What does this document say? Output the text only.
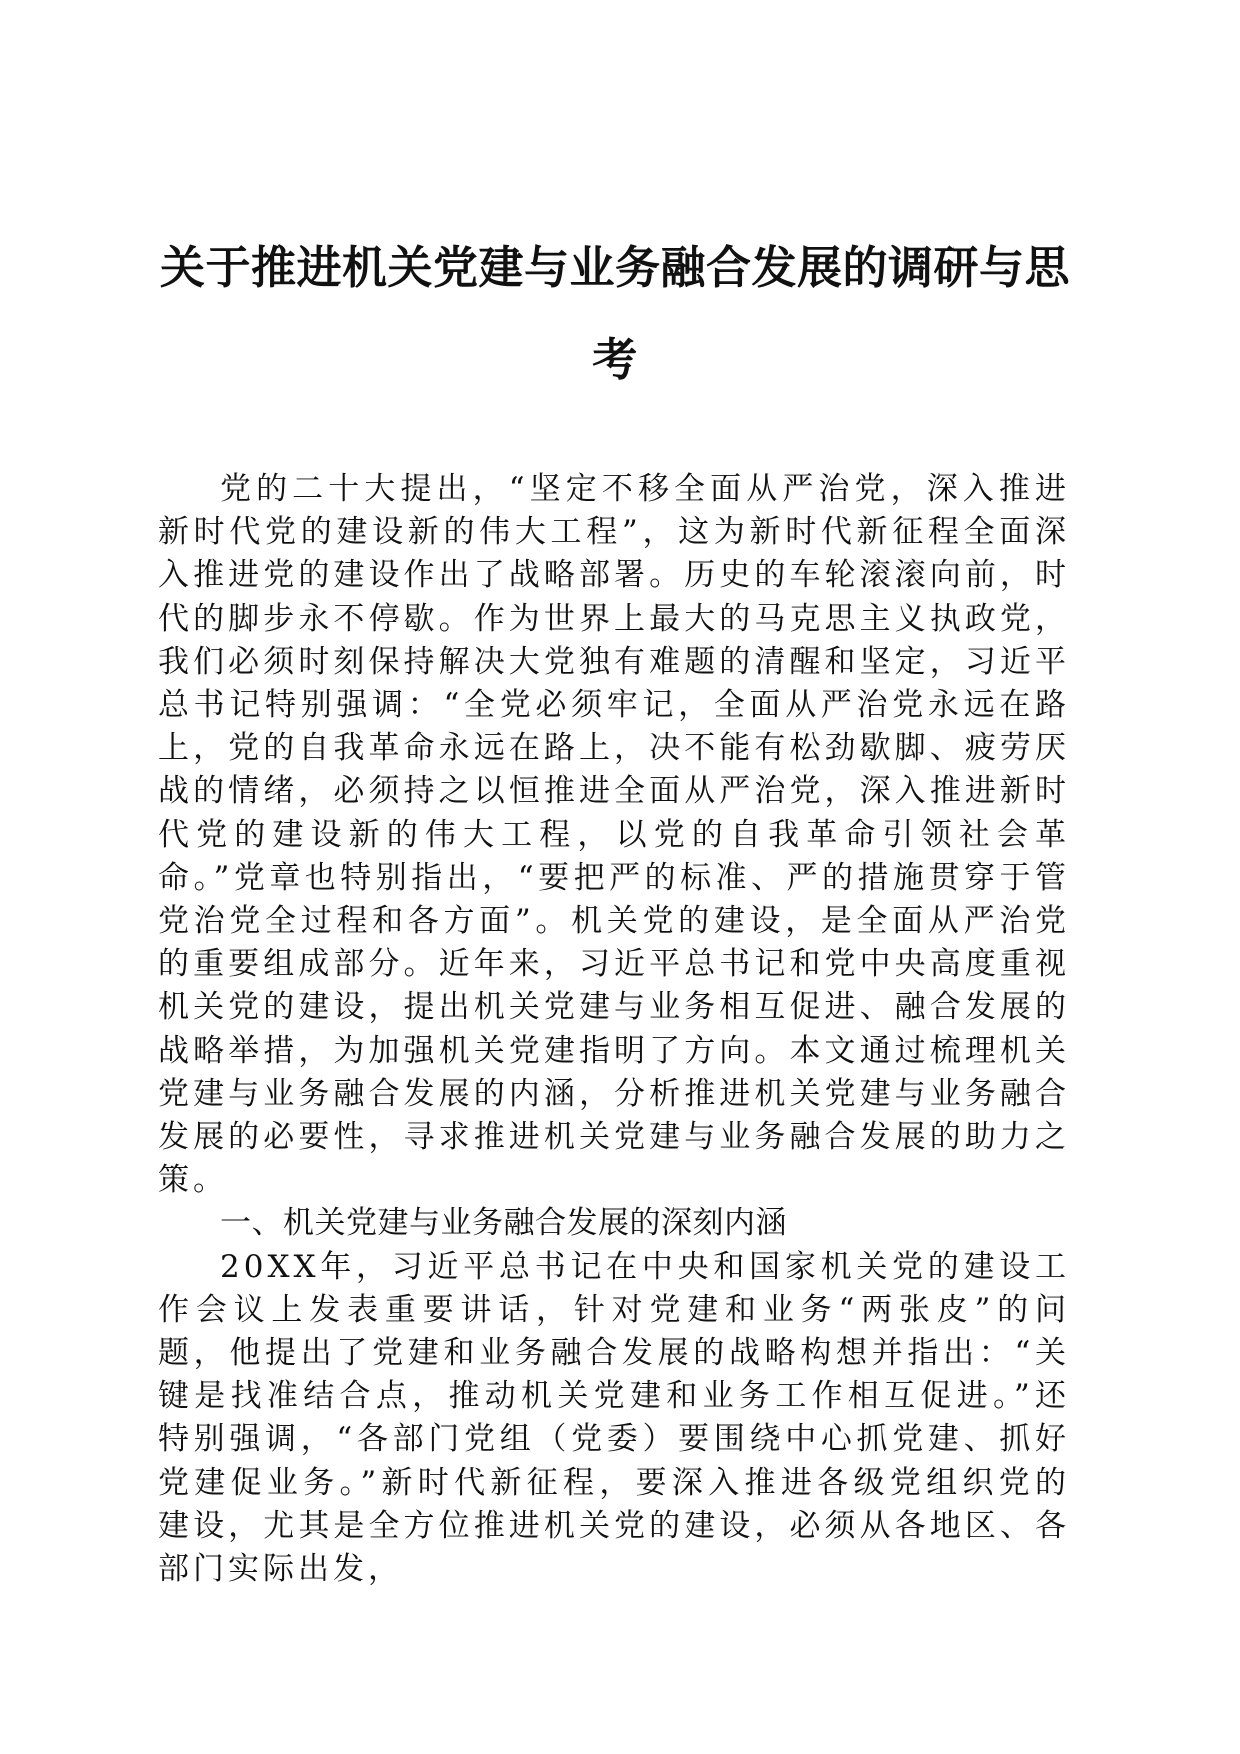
关于推进机关党建与业务融合发展的调研与思考

党的二十大提出，“坚定不移全面从严治党，深入推进新时代党的建设新的伟大工程”，这为新时代新征程全面深入推进党的建设作出了战略部署。历史的车轮滚滚向前，时代的脚步永不停歇。作为世界上最大的马克思主义执政党，我们必须时刻保持解决大党独有难题的清醒和坚定，习近平总书记特别强调：“全党必须牢记，全面从严治党永远在路上，党的自我革命永远在路上，决不能有松劲歇脚、疲劳厌战的情绪，必须持之以恒推进全面从严治党，深入推进新时代党的建设新的伟大工程，以党的自我革命引领社会革命。”党章也特别指出，“要把严的标准、严的措施贯穿于管党治党全过程和各方面”。机关党的建设，是全面从严治党的重要组成部分。近年来，习近平总书记和党中央高度重视机关党的建设，提出机关党建与业务相互促进、融合发展的战略举措，为加强机关党建指明了方向。本文通过梳理机关党建与业务融合发展的内涵，分析推进机关党建与业务融合发展的必要性，寻求推进机关党建与业务融合发展的助力之策。

一、机关党建与业务融合发展的深刻内涵

20XX年，习近平总书记在中央和国家机关党的建设工作会议上发表重要讲话，针对党建和业务“两张皮”的问题，他提出了党建和业务融合发展的战略构想并指出：“关键是找准结合点，推动机关党建和业务工作相互促进。”还特别强调，“各部门党组（党委）要围绕中心抓党建、抓好党建促业务。”新时代新征程，要深入推进各级党组织党的建设，尤其是全方位推进机关党的建设，必须从各地区、各部门实际出发，
